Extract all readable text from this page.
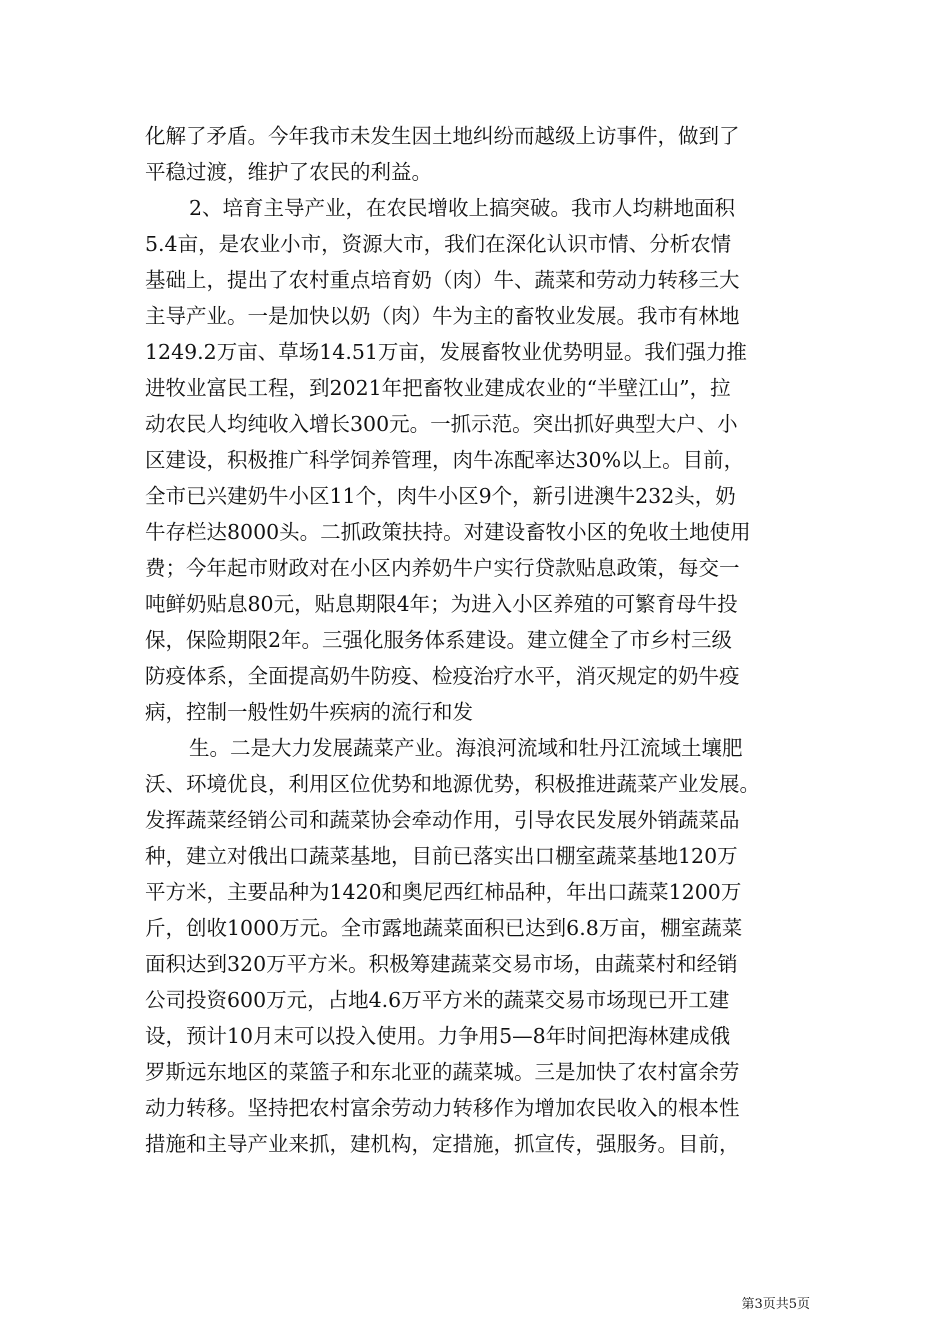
化解了矛盾。今年我市未发生因土地纠纷而越级上访事件，做到了
平稳过渡，维护了农民的利益。
2、培育主导产业，在农民增收上搞突破。我市人均耕地面积
5.4亩，是农业小市，资源大市，我们在深化认识市情、分析农情
基础上，提出了农村重点培育奶（肉）牛、蔬菜和劳动力转移三大
主导产业。一是加快以奶（肉）牛为主的畜牧业发展。我市有林地
1249.2万亩、草场14.51万亩，发展畜牧业优势明显。我们强力推
进牧业富民工程，到2021年把畜牧业建成农业的“半壁江山”，拉
动农民人均纯收入增长300元。一抓示范。突出抓好典型大户、小
区建设，积极推广科学饲养管理，肉牛冻配率达30%以上。目前，
全市已兴建奶牛小区11个，肉牛小区9个，新引进澳牛232头，奶
牛存栏达8000头。二抓政策扶持。对建设畜牧小区的免收土地使用
费；今年起市财政对在小区内养奶牛户实行贷款贴息政策，每交一
吨鲜奶贴息80元，贴息期限4年；为进入小区养殖的可繁育母牛投
保，保险期限2年。三强化服务体系建设。建立健全了市乡村三级
防疫体系，全面提高奶牛防疫、检疫治疗水平，消灭规定的奶牛疫
病，控制一般性奶牛疾病的流行和发
生。二是大力发展蔬菜产业。海浪河流域和牡丹江流域土壤肥
沃、环境优良，利用区位优势和地源优势，积极推进蔬菜产业发展。
发挥蔬菜经销公司和蔬菜协会牵动作用，引导农民发展外销蔬菜品
种，建立对俄出口蔬菜基地，目前已落实出口棚室蔬菜基地120万
平方米，主要品种为1420和奥尼西红柿品种，年出口蔬菜1200万
斤，创收1000万元。全市露地蔬菜面积已达到6.8万亩，棚室蔬菜
面积达到320万平方米。积极筹建蔬菜交易市场，由蔬菜村和经销
公司投资600万元，占地4.6万平方米的蔬菜交易市场现已开工建
设，预计10月末可以投入使用。力争用5—8年时间把海林建成俄
罗斯远东地区的菜篮子和东北亚的蔬菜城。三是加快了农村富余劳
动力转移。坚持把农村富余劳动力转移作为增加农民收入的根本性
措施和主导产业来抓，建机构，定措施，抓宣传，强服务。目前，
第3页共5页
